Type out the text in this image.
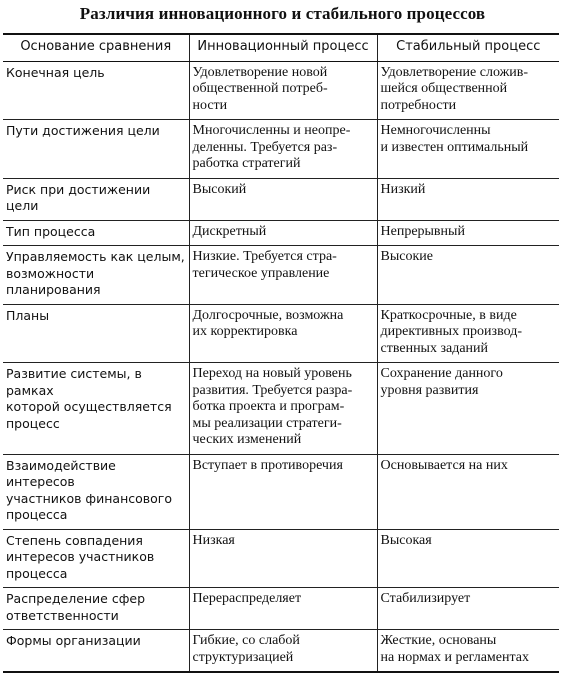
Различия инновационного и стабильного процессов
Основание сравнения	Инновационный процесс	Стабильный процесс
Конечная цель	Удовлетворение новой
общественной потреб-
ности	Удовлетворение сложив-
шейся общественной
потребности
Пути достижения цели	Многочисленны и неопре-
деленны. Требуется раз-
работка стратегий	Немногочисленны
и известен оптимальный
Риск при достижении цели	Высокий	Низкий
Тип процесса	Дискретный	Непрерывный
Управляемость как целым,
возможности планирования	Низкие. Требуется стра-
тегическое управление	Высокие
Планы	Долгосрочные, возможна
их корректировка	Краткосрочные, в виде
директивных производ-
ственных заданий
Развитие системы, в рамках
которой осуществляется
процесс	Переход на новый уровень
развития. Требуется разра-
ботка проекта и програм-
мы реализации стратеги-
ческих изменений	Сохранение данного
уровня развития
Взаимодействие интересов
участников финансового
процесса	Вступает в противоречия	Основывается на них
Степень совпадения
интересов участников
процесса	Низкая	Высокая
Распределение сфер
ответственности	Перераспределяет	Стабилизирует
Формы организации	Гибкие, со слабой
структуризацией	Жесткие, основаны
на нормах и регламентах
